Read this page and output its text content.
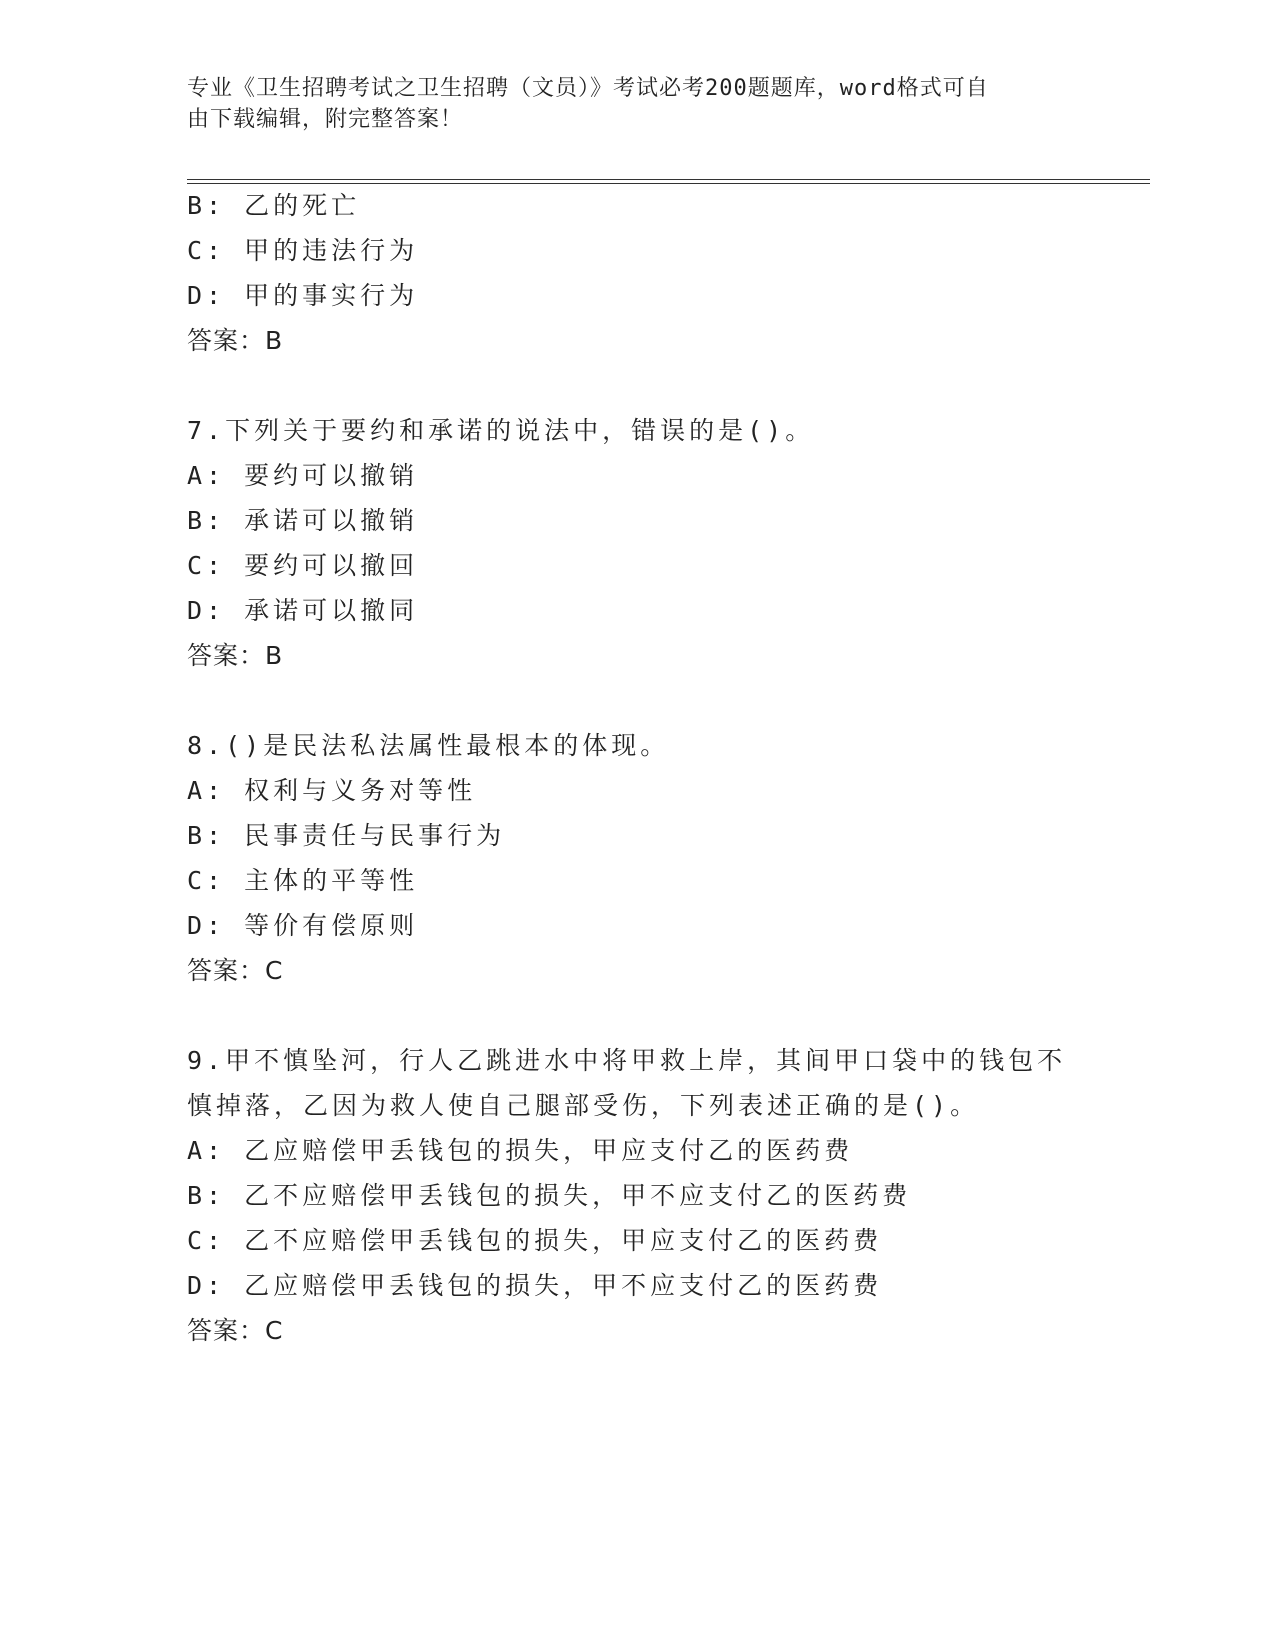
专业《卫生招聘考试之卫生招聘（文员）》考试必考200题题库，word格式可自
由下载编辑，附完整答案！
B: 乙的死亡
C: 甲的违法行为
D: 甲的事实行为
答案：B
7.下列关于要约和承诺的说法中，错误的是()。
A: 要约可以撤销
B: 承诺可以撤销
C: 要约可以撤回
D: 承诺可以撤同
答案：B
8.()是民法私法属性最根本的体现。
A: 权利与义务对等性
B: 民事责任与民事行为
C: 主体的平等性
D: 等价有偿原则
答案：C
9.甲不慎坠河，行人乙跳进水中将甲救上岸，其间甲口袋中的钱包不
慎掉落，乙因为救人使自己腿部受伤，下列表述正确的是()。
A: 乙应赔偿甲丢钱包的损失，甲应支付乙的医药费
B: 乙不应赔偿甲丢钱包的损失，甲不应支付乙的医药费
C: 乙不应赔偿甲丢钱包的损失，甲应支付乙的医药费
D: 乙应赔偿甲丢钱包的损失，甲不应支付乙的医药费
答案：C
